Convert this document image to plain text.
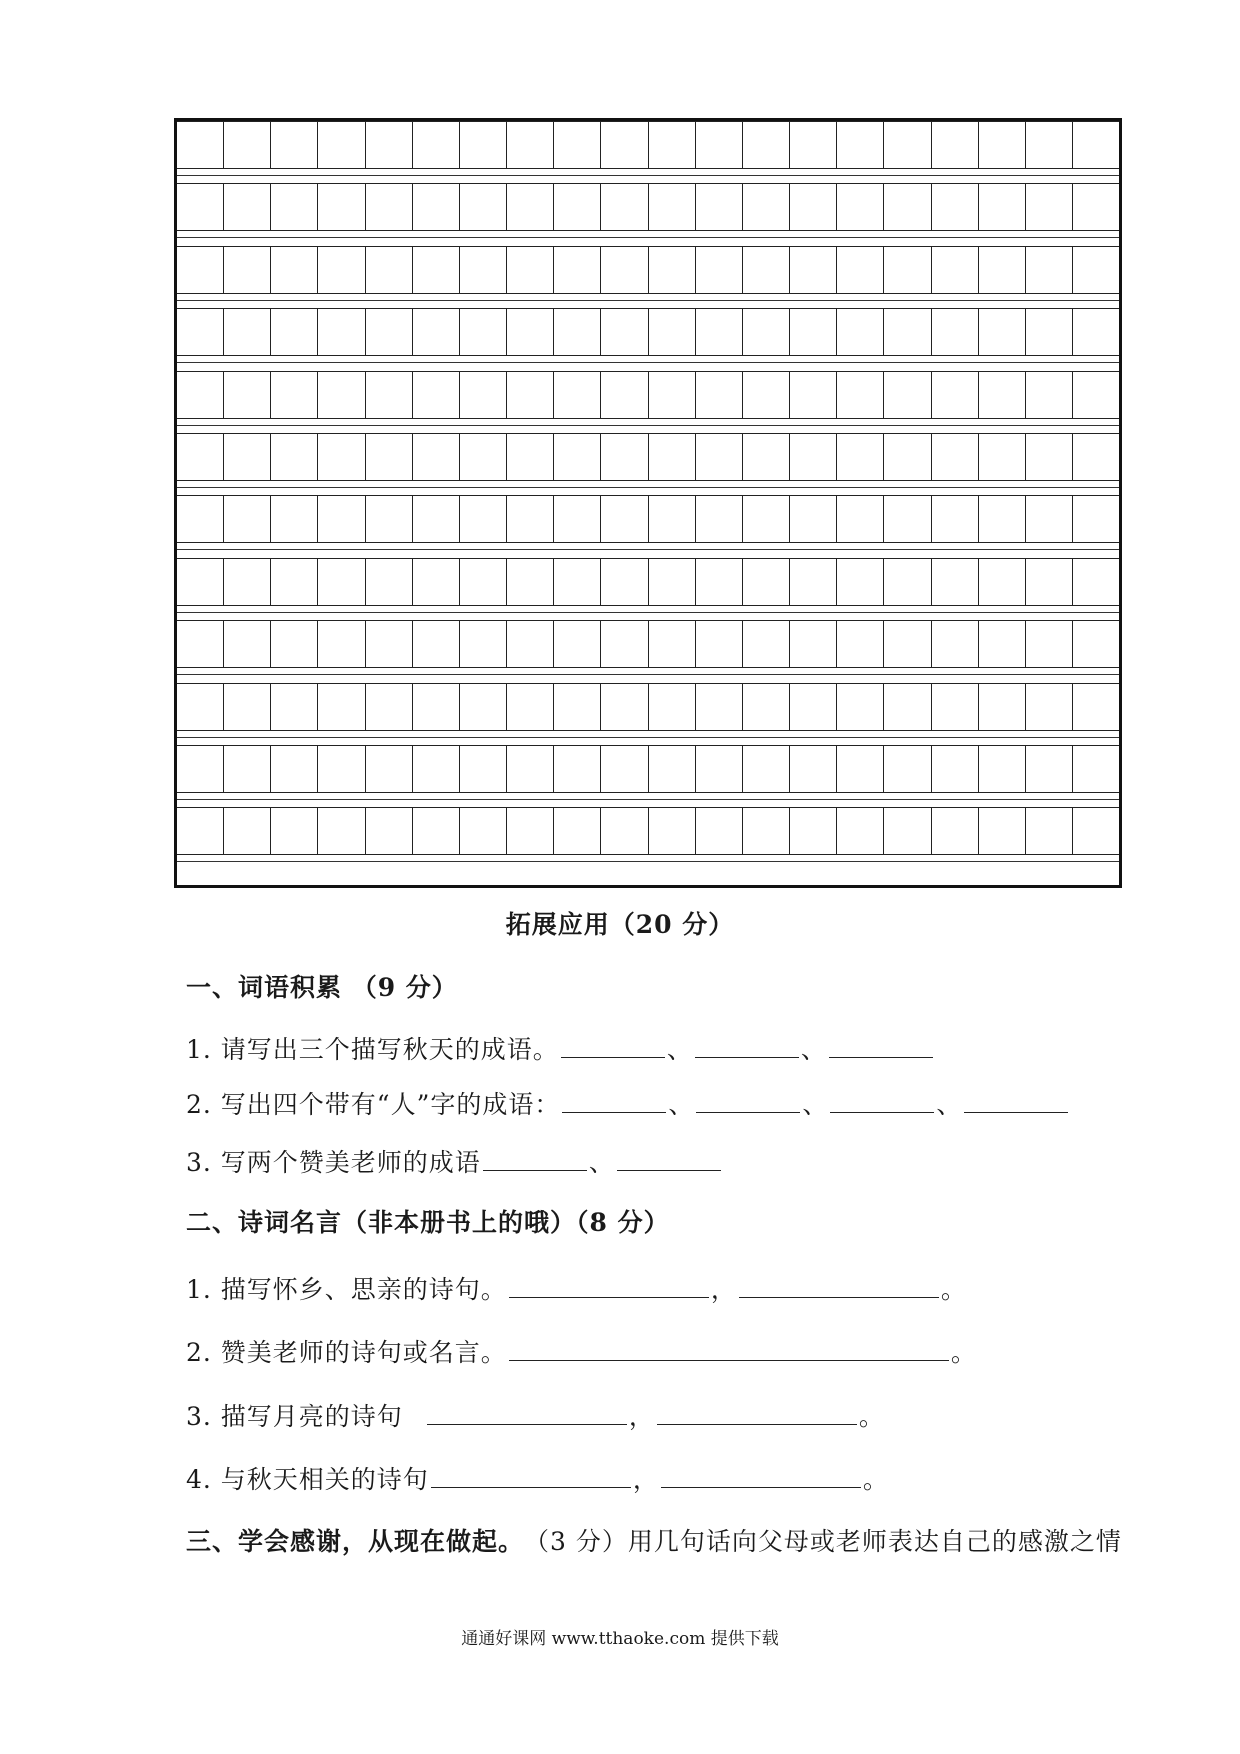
拓展应用（20 分）
一、词语积累 （9 分）
1. 请写出三个描写秋天的成语。	、	、
2. 写出四个带有“人”字的成语：	、	、	、
3. 写两个赞美老师的成语	、
二、诗词名言（非本册书上的哦）（8 分）
1. 描写怀乡、思亲的诗句。	，	。
2. 赞美老师的诗句或名言。	。
3. 描写月亮的诗句	，	。
4. 与秋天相关的诗句	，	。
三、学会感谢，从现在做起。 （3 分）用几句话向父母或老师表达自己的感激之情
通通好课网 www.tthaoke.com 提供下载
